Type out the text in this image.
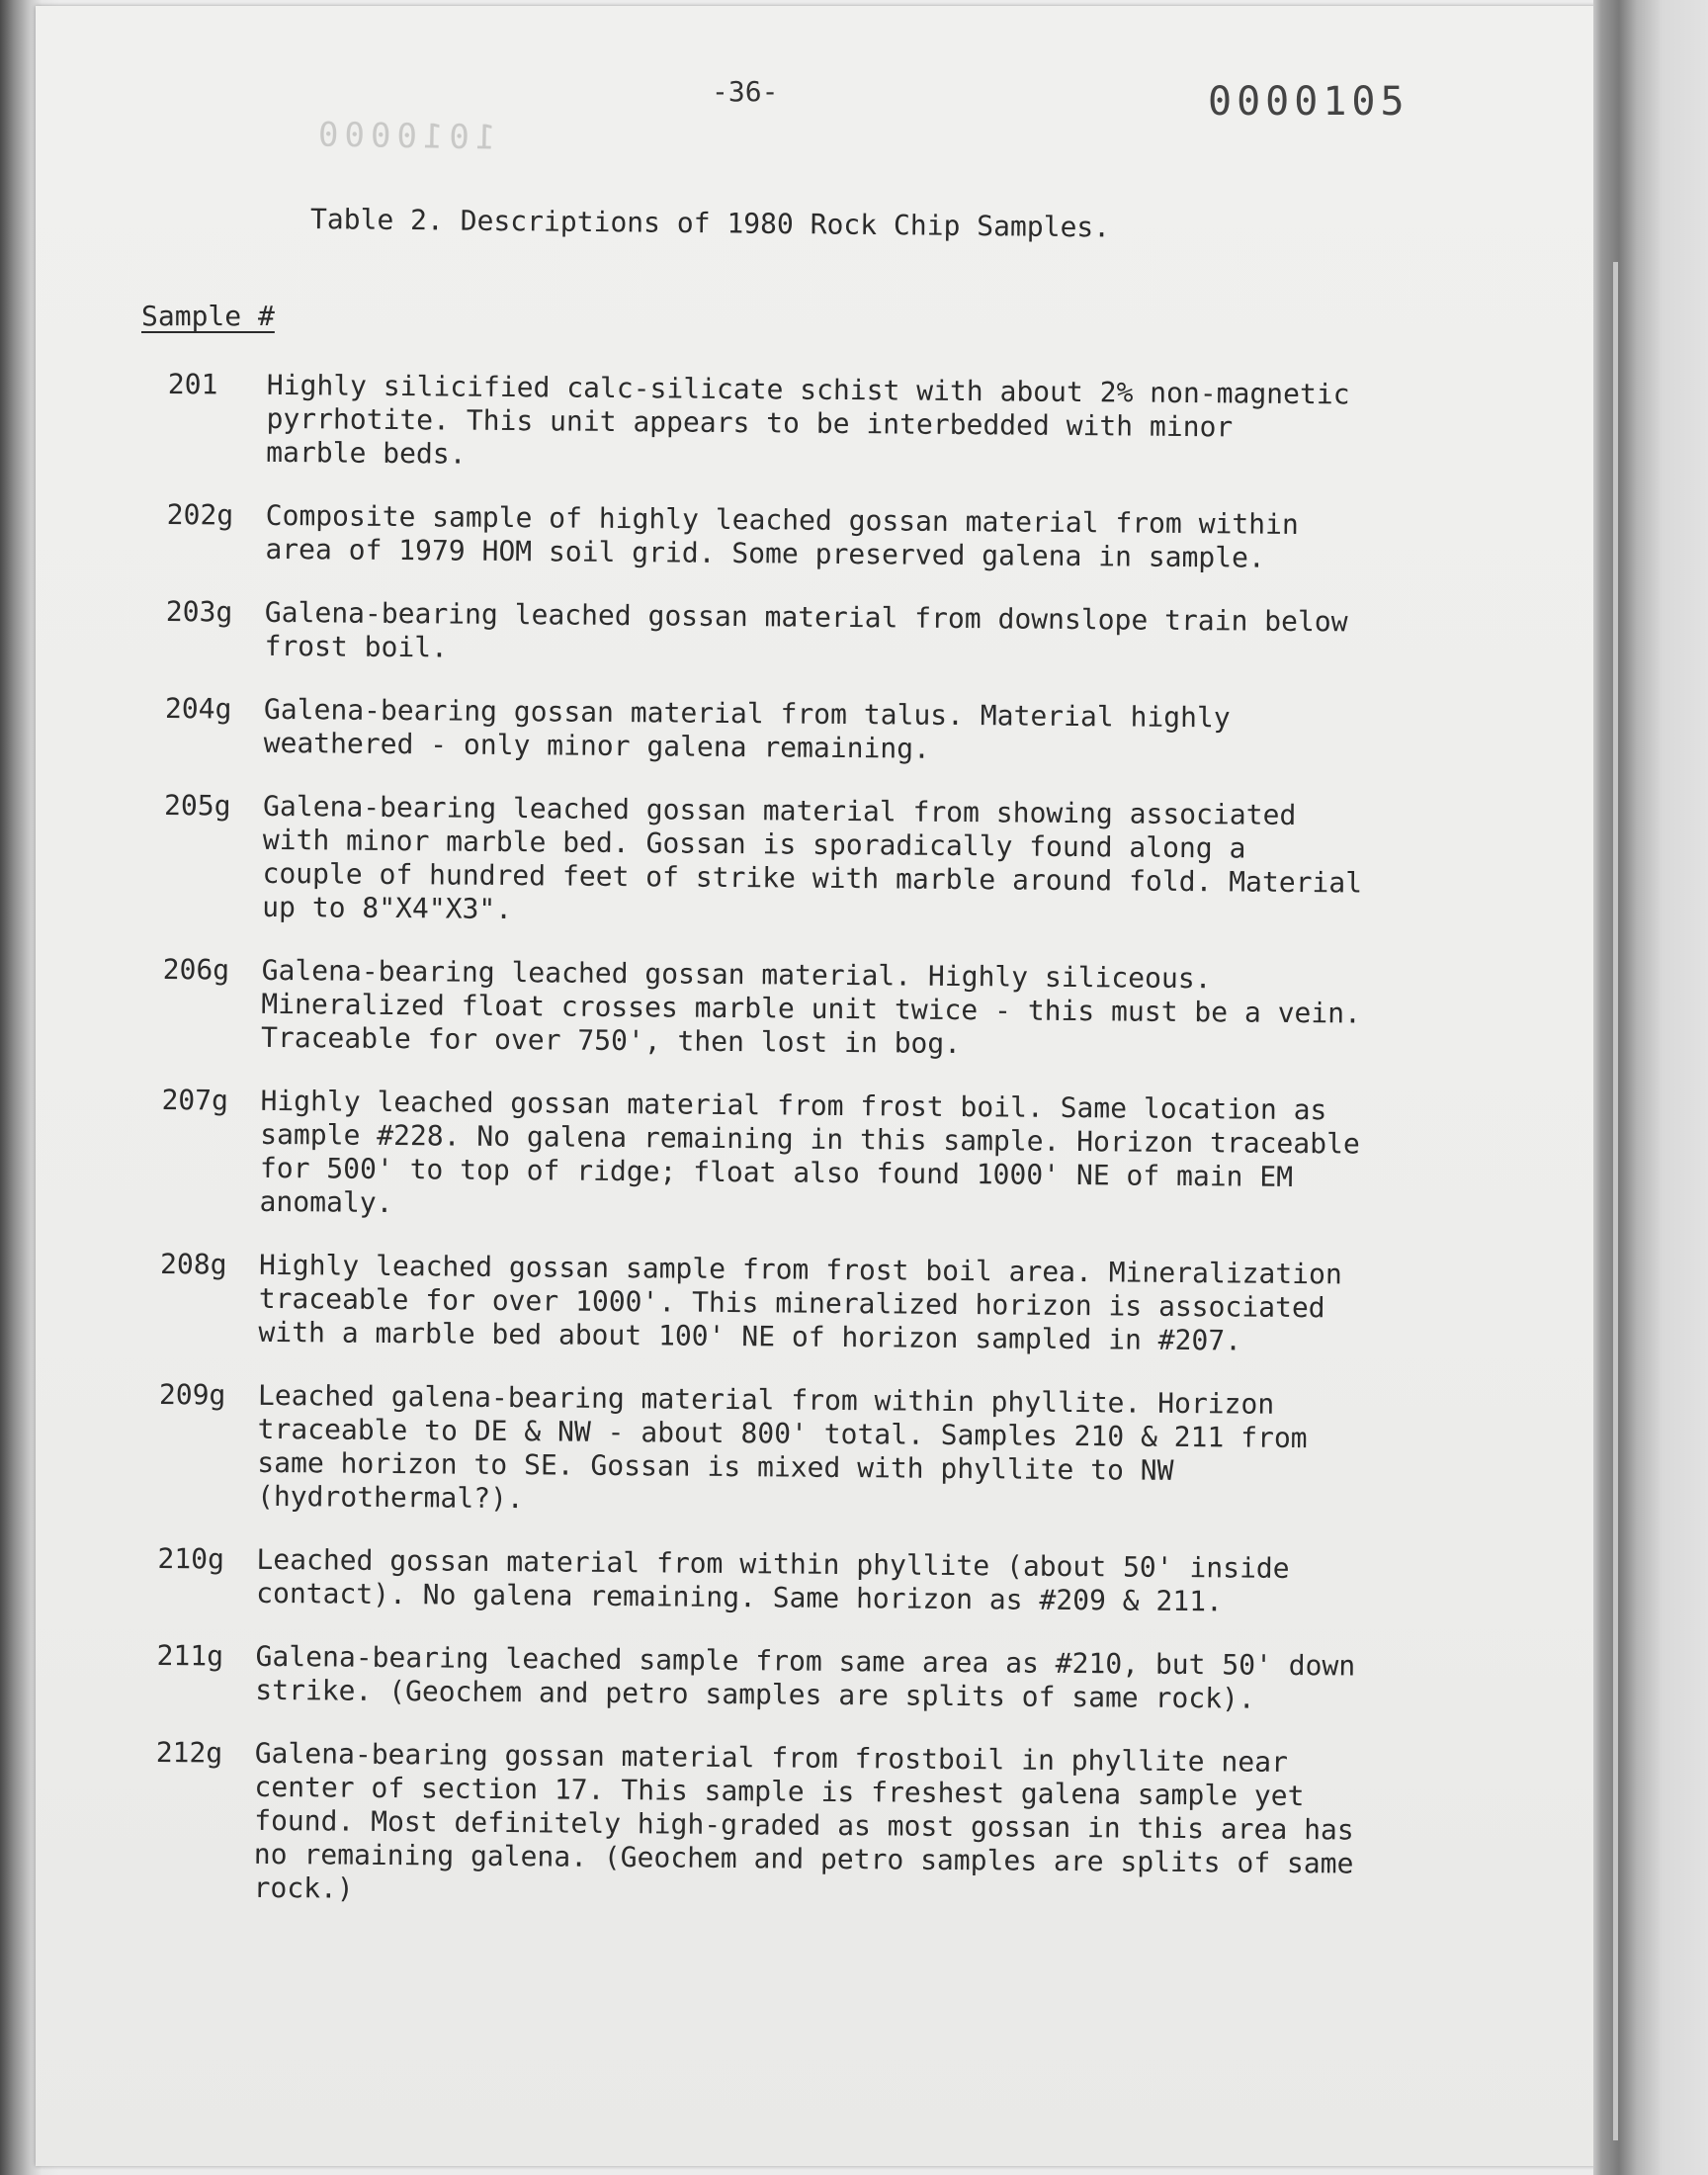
-36-	0000105
1010000
Table 2. Descriptions of 1980 Rock Chip Samples.
Sample #
201	Highly silicified calc-silicate schist with about 2% non-magnetic
pyrrhotite. This unit appears to be interbedded with minor
marble beds.
202g	Composite sample of highly leached gossan material from within
area of 1979 HOM soil grid. Some preserved galena in sample.
203g	Galena-bearing leached gossan material from downslope train below
frost boil.
204g	Galena-bearing gossan material from talus. Material highly
weathered - only minor galena remaining.
205g	Galena-bearing leached gossan material from showing associated
with minor marble bed. Gossan is sporadically found along a
couple of hundred feet of strike with marble around fold. Material
up to 8"X4"X3".
206g	Galena-bearing leached gossan material. Highly siliceous.
Mineralized float crosses marble unit twice - this must be a vein.
Traceable for over 750', then lost in bog.
207g	Highly leached gossan material from frost boil. Same location as
sample #228. No galena remaining in this sample. Horizon traceable
for 500' to top of ridge; float also found 1000' NE of main EM
anomaly.
208g	Highly leached gossan sample from frost boil area. Mineralization
traceable for over 1000'. This mineralized horizon is associated
with a marble bed about 100' NE of horizon sampled in #207.
209g	Leached galena-bearing material from within phyllite. Horizon
traceable to DE & NW - about 800' total. Samples 210 & 211 from
same horizon to SE. Gossan is mixed with phyllite to NW (hydrothermal?).
210g	Leached gossan material from within phyllite (about 50' inside
contact). No galena remaining. Same horizon as #209 & 211.
211g	Galena-bearing leached sample from same area as #210, but 50' down
strike. (Geochem and petro samples are splits of same rock).
212g	Galena-bearing gossan material from frostboil in phyllite near
center of section 17. This sample is freshest galena sample yet
found. Most definitely high-graded as most gossan in this area has
no remaining galena. (Geochem and petro samples are splits of same
rock.)
